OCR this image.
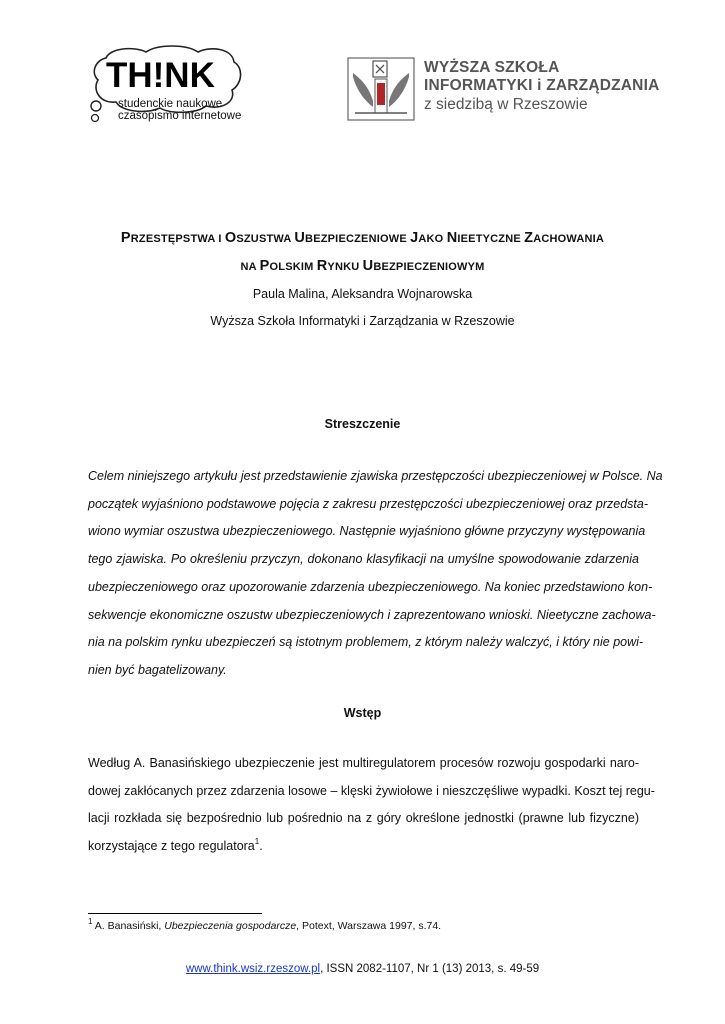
TH!NK
studenckie naukowe
czasopismo internetowe
WYŻSZA SZKOŁA
INFORMATYKI i ZARZĄDZANIA
z siedzibą w Rzeszowie
PRZESTĘPSTWA I OSZUSTWA UBEZPIECZENIOWE JAKO NIEETYCZNE ZACHOWANIA
NA POLSKIM RYNKU UBEZPIECZENIOWYM
Paula Malina, Aleksandra Wojnarowska
Wyższa Szkoła Informatyki i Zarządzania w Rzeszowie
Streszczenie
Celem niniejszego artykułu jest przedstawienie zjawiska przestępczości ubezpieczeniowej w Polsce. Na
początek wyjaśniono podstawowe pojęcia z zakresu przestępczości ubezpieczeniowej oraz przedsta-
wiono wymiar oszustwa ubezpieczeniowego. Następnie wyjaśniono główne przyczyny występowania
tego zjawiska. Po określeniu przyczyn, dokonano klasyfikacji na umyślne spowodowanie zdarzenia
ubezpieczeniowego oraz upozorowanie zdarzenia ubezpieczeniowego. Na koniec przedstawiono kon-
sekwencje ekonomiczne oszustw ubezpieczeniowych i zaprezentowano wnioski. Nieetyczne zachowa-
nia na polskim rynku ubezpieczeń są istotnym problemem, z którym należy walczyć, i który nie powi-
nien być bagatelizowany.
Wstęp
Według A. Banasińskiego ubezpieczenie jest multiregulatorem procesów rozwoju gospodarki naro-
dowej zakłócanych przez zdarzenia losowe – klęski żywiołowe i nieszczęśliwe wypadki. Koszt tej regu-
lacji rozkłada się bezpośrednio lub pośrednio na z góry określone jednostki (prawne lub fizyczne)
korzystające z tego regulatora$^1$.
$^1$ A. Banasiński, Ubezpieczenia gospodarcze, Potext, Warszawa 1997, s.74.
www.think.wsiz.rzeszow.pl, ISSN 2082-1107, Nr 1 (13) 2013, s. 49-59
